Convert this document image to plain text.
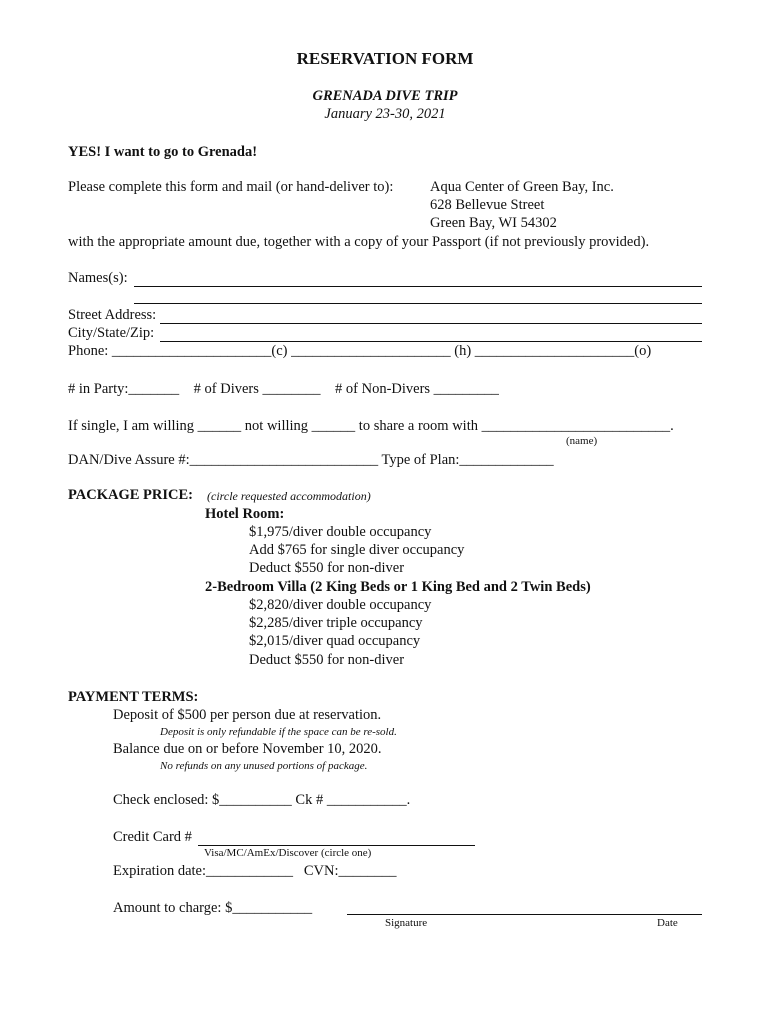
RESERVATION FORM
GRENADA DIVE TRIP
January 23-30, 2021
YES! I want to go to Grenada!
Please complete this form and mail (or hand-deliver to):	Aqua Center of Green Bay, Inc.
628 Bellevue Street
Green Bay, WI 54302
with the appropriate amount due, together with a copy of your Passport (if not previously provided).
Names(s):
Street Address:
City/State/Zip:
Phone: ______________________(c) ______________________ (h) ______________________(o)
# in Party:_______    # of Divers ________    # of Non-Divers _________
If single, I am willing ______ not willing ______ to share a room with __________________________.
(name)
DAN/Dive Assure #:__________________________ Type of Plan:_____________
PACKAGE PRICE: (circle requested accommodation)
Hotel Room:
$1,975/diver double occupancy
Add $765 for single diver occupancy
Deduct $550 for non-diver
2-Bedroom Villa (2 King Beds or 1 King Bed and 2 Twin Beds)
$2,820/diver double occupancy
$2,285/diver triple occupancy
$2,015/diver quad occupancy
Deduct $550 for non-diver
PAYMENT TERMS:
Deposit of $500 per person due at reservation.
Deposit is only refundable if the space can be re-sold.
Balance due on or before November 10, 2020.
No refunds on any unused portions of package.
Check enclosed: $__________ Ck # ___________.
Credit Card #
Visa/MC/AmEx/Discover (circle one)
Expiration date:____________   CVN:________
Amount to charge: $___________
Signature	Date
